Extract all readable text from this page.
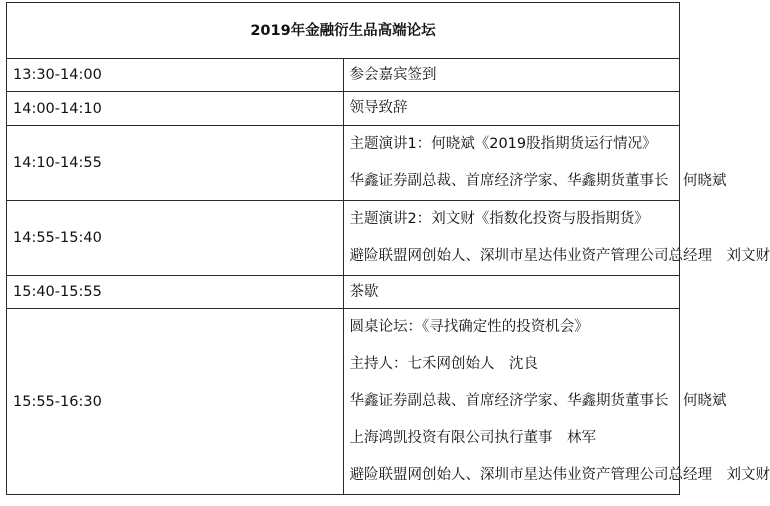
2019年金融衍生品高端论坛	
13:30-14:00	参会嘉宾签到

14:00-14:10	领导致辞

14:10-14:55	主题演讲1：何晓斌《2019股指期货运行情况》
华鑫证券副总裁、首席经济学家、华鑫期货董事长　何晓斌

14:55-15:40	主题演讲2：刘文财《指数化投资与股指期货》
避险联盟网创始人、深圳市星达伟业资产管理公司总经理　刘文财

15:40-15:55	茶歇

15:55-16:30	圆桌论坛：《寻找确定性的投资机会》
主持人：七禾网创始人　沈良
华鑫证券副总裁、首席经济学家、华鑫期货董事长　何晓斌
上海鸿凯投资有限公司执行董事　林军
避险联盟网创始人、深圳市星达伟业资产管理公司总经理　刘文财
